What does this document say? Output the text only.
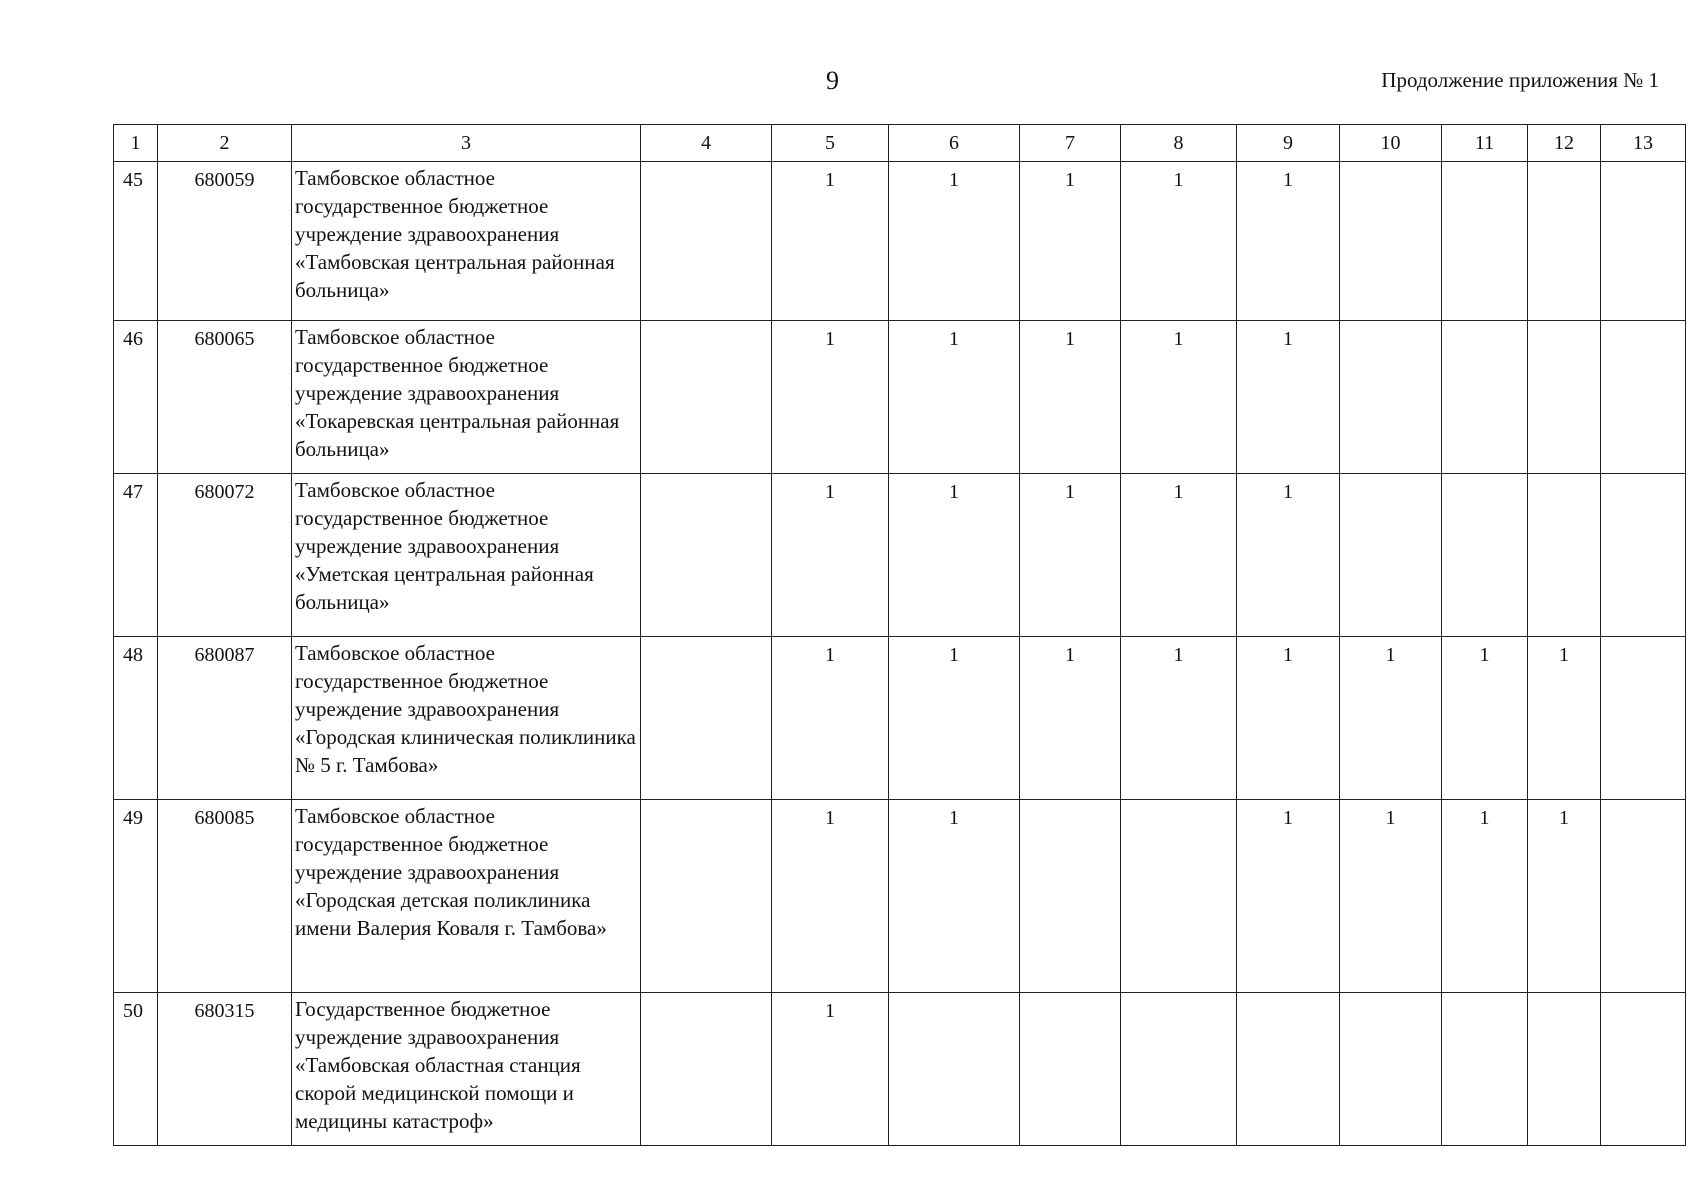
9	Продолжение приложения № 1
1	2	3	4	5	6	7	8	9	10	11	12	13
45	680059	Тамбовское областное государственное бюджетное учреждение здравоохранения «Тамбовская центральная районная больница»		1	1	1	1	1				
46	680065	Тамбовское областное государственное бюджетное учреждение здравоохранения «Токаревская центральная районная больница»		1	1	1	1	1				
47	680072	Тамбовское областное государственное бюджетное учреждение здравоохранения «Уметская центральная районная больница»		1	1	1	1	1				
48	680087	Тамбовское областное государственное бюджетное учреждение здравоохранения «Городская клиническая поликлиника № 5 г. Тамбова»		1	1	1	1	1	1	1	1	
49	680085	Тамбовское областное государственное бюджетное учреждение здравоохранения «Городская детская поликлиника имени Валерия Коваля г. Тамбова»		1	1			1	1	1	1	
50	680315	Государственное бюджетное учреждение здравоохранения «Тамбовская областная станция скорой медицинской помощи и медицины катастроф»		1								
